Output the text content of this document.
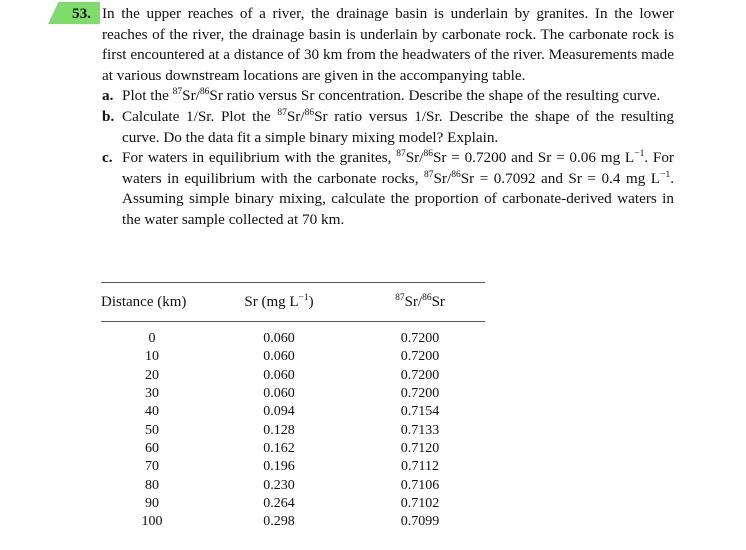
53. In the upper reaches of a river, the drainage basin is underlain by granites. In the lower reaches of the river, the drainage basin is underlain by carbonate rock. The carbonate rock is first encountered at a distance of 30 km from the headwaters of the river. Measurements made at various downstream locations are given in the accompanying table.
a. Plot the $^{87}$Sr/$^{86}$Sr ratio versus Sr concentration. Describe the shape of the resulting curve.
b. Calculate 1/Sr. Plot the $^{87}$Sr/$^{86}$Sr ratio versus 1/Sr. Describe the shape of the resulting curve. Do the data fit a simple binary mixing model? Explain.
c. For waters in equilibrium with the granites, $^{87}$Sr/$^{86}$Sr = 0.7200 and Sr = 0.06 mg $L^{-1}$. For waters in equilibrium with the carbonate rocks, $^{87}$Sr/$^{86}$Sr = 0.7092 and Sr = 0.4 mg $L^{-1}$. Assuming simple binary mixing, calculate the proportion of carbonate-derived waters in the water sample collected at 70 km.
Distance (km)	Sr (mg $L^{-1}$)	$^{87}$Sr/$^{86}$Sr
0	0.060	0.7200
10	0.060	0.7200
20	0.060	0.7200
30	0.060	0.7200
40	0.094	0.7154
50	0.128	0.7133
60	0.162	0.7120
70	0.196	0.7112
80	0.230	0.7106
90	0.264	0.7102
100	0.298	0.7099
